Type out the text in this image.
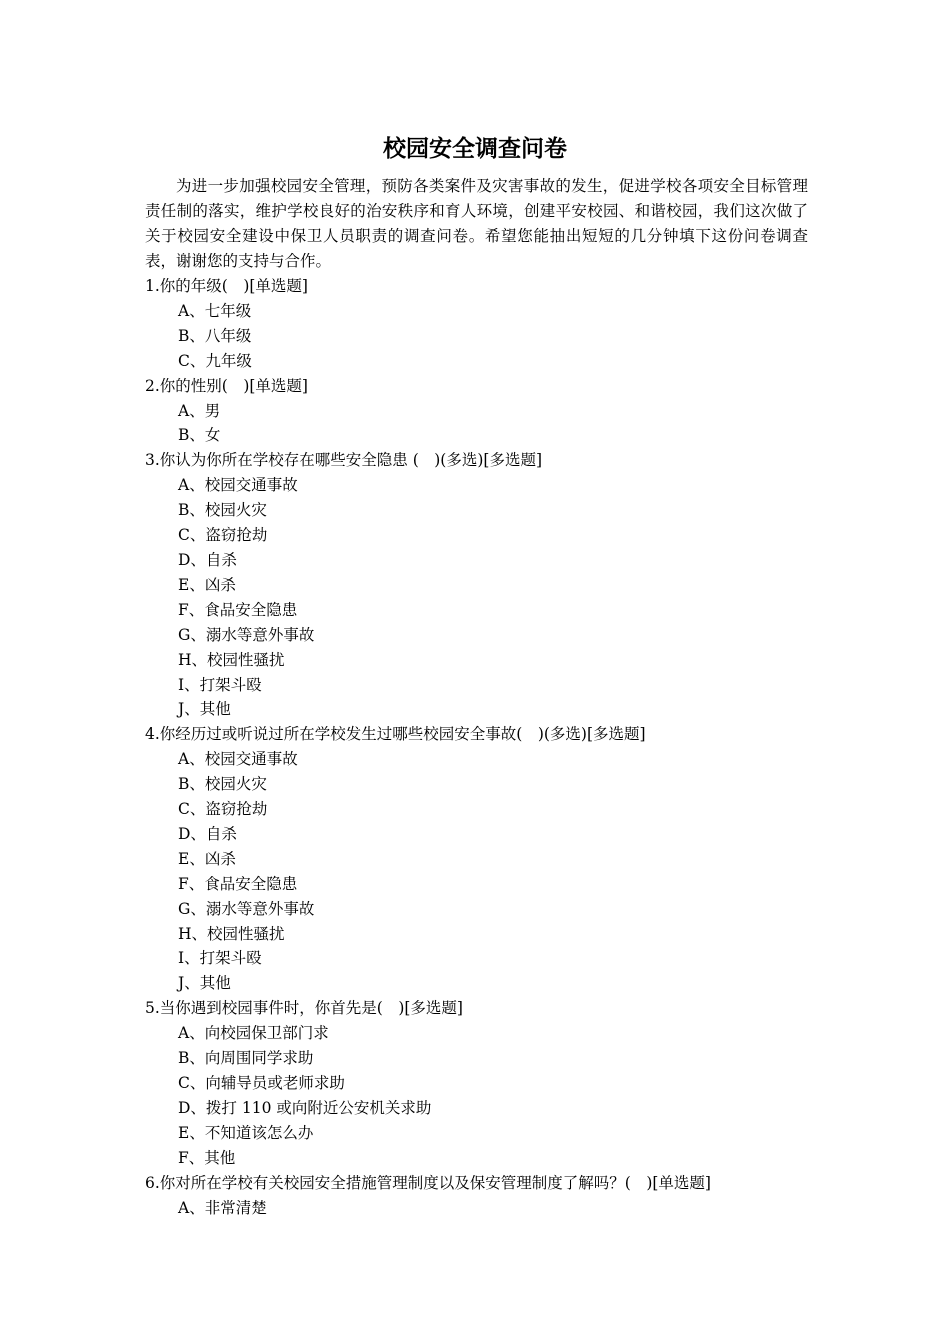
校园安全调查问卷
为进一步加强校园安全管理，预防各类案件及灾害事故的发生，促进学校各项安全目标管理责任制的落实，维护学校良好的治安秩序和育人环境，创建平安校园、和谐校园，我们这次做了关于校园安全建设中保卫人员职责的调查问卷。希望您能抽出短短的几分钟填下这份问卷调查表，谢谢您的支持与合作。

1.你的年级(　)[单选题]

A、七年级

B、八年级

C、九年级

2.你的性别(　)[单选题]

A、男

B、女

3.你认为你所在学校存在哪些安全隐患 (　)(多选)[多选题]

A、校园交通事故

B、校园火灾

C、盗窃抢劫

D、自杀

E、凶杀

F、食品安全隐患

G、溺水等意外事故

H、校园性骚扰

I、打架斗殴

J、其他

4.你经历过或听说过所在学校发生过哪些校园安全事故(　)(多选)[多选题]

A、校园交通事故

B、校园火灾

C、盗窃抢劫

D、自杀

E、凶杀

F、食品安全隐患

G、溺水等意外事故

H、校园性骚扰

I、打架斗殴

J、其他

5.当你遇到校园事件时，你首先是(　)[多选题]

A、向校园保卫部门求

B、向周围同学求助

C、向辅导员或老师求助

D、拨打 110 或向附近公安机关求助

E、不知道该怎么办

F、其他

6.你对所在学校有关校园安全措施管理制度以及保安管理制度了解吗？(　)[单选题]

A、非常清楚
